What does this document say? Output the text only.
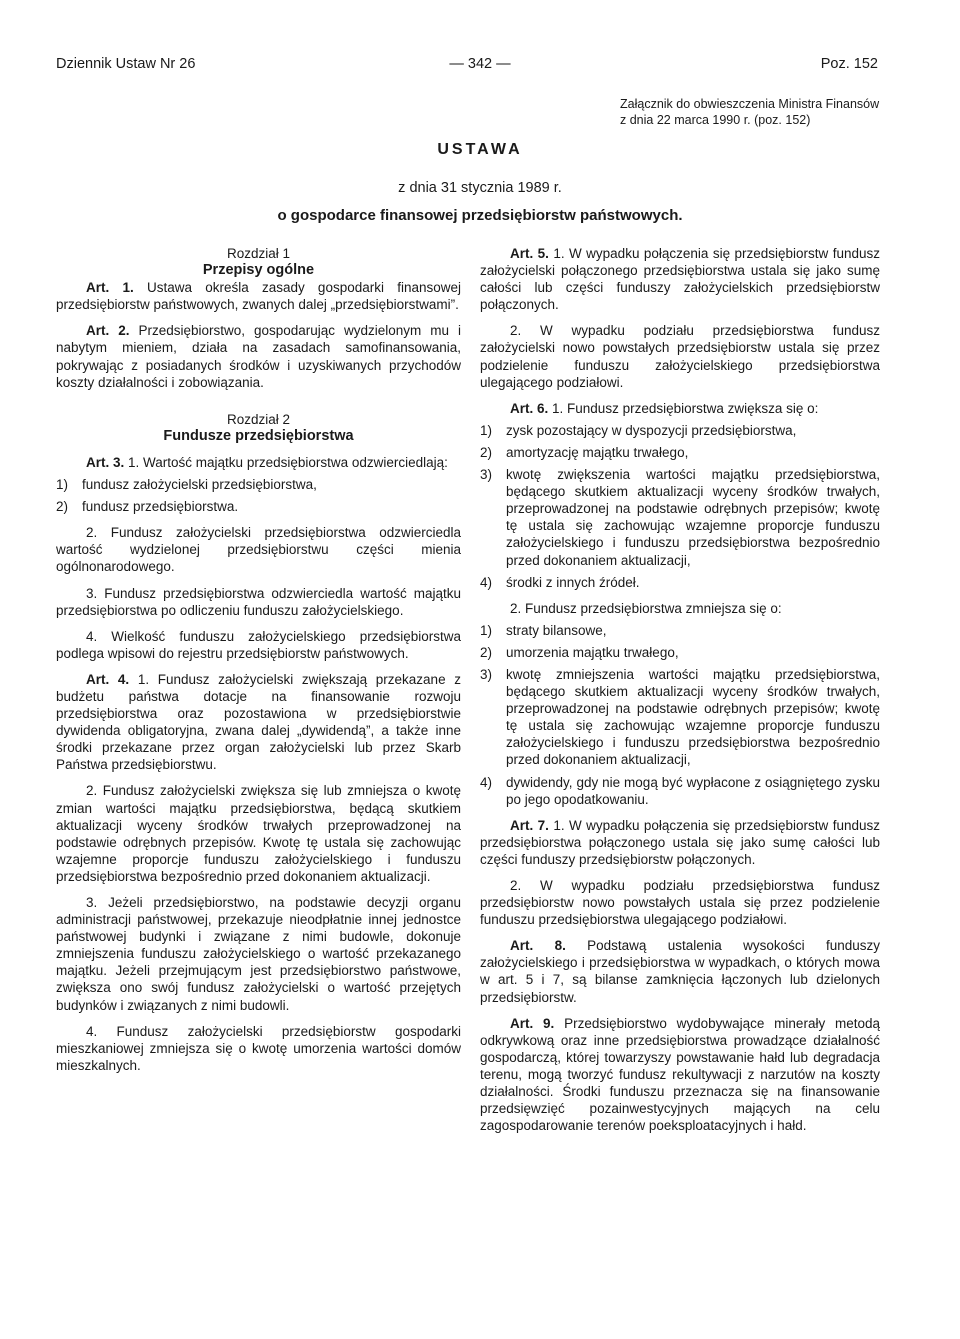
Dziennik Ustaw Nr 26	— 342 —	Poz. 152
Załącznik do obwieszczenia Ministra Finansów z dnia 22 marca 1990 r. (poz. 152)
USTAWA
z dnia 31 stycznia 1989 r.
o gospodarce finansowej przedsiębiorstw państwowych.

Rozdział 1

Przepisy ogólne

Art. 1. Ustawa określa zasady gospodarki finansowej przedsiębiorstw państwowych, zwanych dalej „przedsiębiorstwami”.

Art. 2. Przedsiębiorstwo, gospodarując wydzielonym mu i nabytym mieniem, działa na zasadach samofinansowania, pokrywając z posiadanych środków i uzyskiwanych przychodów koszty działalności i zobowiązania.

Rozdział 2

Fundusze przedsiębiorstwa

Art. 3. 1. Wartość majątku przedsiębiorstwa odzwierciedlają:

1)	fundusz założycielski przedsiębiorstwa,
2)	fundusz przedsiębiorstwa.

2. Fundusz założycielski przedsiębiorstwa odzwierciedla wartość wydzielonej przedsiębiorstwu części mienia ogólnonarodowego.

3. Fundusz przedsiębiorstwa odzwierciedla wartość majątku przedsiębiorstwa po odliczeniu funduszu założycielskiego.

4. Wielkość funduszu założycielskiego przedsiębiorstwa podlega wpisowi do rejestru przedsiębiorstw państwowych.

Art. 4. 1. Fundusz założycielski zwiększają przekazane z budżetu państwa dotacje na finansowanie rozwoju przedsiębiorstwa oraz pozostawiona w przedsiębiorstwie dywidenda obligatoryjna, zwana dalej „dywidendą”, a także inne środki przekazane przez organ założycielski lub przez Skarb Państwa przedsiębiorstwu.

2. Fundusz założycielski zwiększa się lub zmniejsza o kwotę zmian wartości majątku przedsiębiorstwa, będącą skutkiem aktualizacji wyceny środków trwałych przeprowadzonej na podstawie odrębnych przepisów. Kwotę tę ustala się zachowując wzajemne proporcje funduszu założycielskiego i funduszu przedsiębiorstwa bezpośrednio przed dokonaniem aktualizacji.

3. Jeżeli przedsiębiorstwo, na podstawie decyzji organu administracji państwowej, przekazuje nieodpłatnie innej jednostce państwowej budynki i związane z nimi budowle, dokonuje zmniejszenia funduszu założycielskiego o wartość przekazanego majątku. Jeżeli przejmującym jest przedsiębiorstwo państwowe, zwiększa ono swój fundusz założycielski o wartość przejętych budynków i związanych z nimi budowli.

4. Fundusz założycielski przedsiębiorstw gospodarki mieszkaniowej zmniejsza się o kwotę umorzenia wartości domów mieszkalnych.

Art. 5. 1. W wypadku połączenia się przedsiębiorstw fundusz założycielski połączonego przedsiębiorstwa ustala się jako sumę całości lub części funduszy założycielskich przedsiębiorstw połączonych.

2. W wypadku podziału przedsiębiorstwa fundusz założycielski nowo powstałych przedsiębiorstw ustala się przez podzielenie funduszu założycielskiego przedsiębiorstwa ulegającego podziałowi.

Art. 6. 1. Fundusz przedsiębiorstwa zwiększa się o:

1)	zysk pozostający w dyspozycji przedsiębiorstwa,
2)	amortyzację majątku trwałego,
3)	kwotę zwiększenia wartości majątku przedsiębiorstwa, będącego skutkiem aktualizacji wyceny środków trwałych, przeprowadzonej na podstawie odrębnych przepisów; kwotę tę ustala się zachowując wzajemne proporcje funduszu założycielskiego i funduszu przedsiębiorstwa bezpośrednio przed dokonaniem aktualizacji,
4)	środki z innych źródeł.

2. Fundusz przedsiębiorstwa zmniejsza się o:

1)	straty bilansowe,
2)	umorzenia majątku trwałego,
3)	kwotę zmniejszenia wartości majątku przedsiębiorstwa, będącego skutkiem aktualizacji wyceny środków trwałych, przeprowadzonej na podstawie odrębnych przepisów; kwotę tę ustala się zachowując wzajemne proporcje funduszu założycielskiego i funduszu przedsiębiorstwa bezpośrednio przed dokonaniem aktualizacji,
4)	dywidendy, gdy nie mogą być wypłacone z osiągniętego zysku po jego opodatkowaniu.

Art. 7. 1. W wypadku połączenia się przedsiębiorstw fundusz przedsiębiorstwa połączonego ustala się jako sumę całości lub części funduszy przedsiębiorstw połączonych.

2. W wypadku podziału przedsiębiorstwa fundusz przedsiębiorstw nowo powstałych ustala się przez podzielenie funduszu przedsiębiorstwa ulegającego podziałowi.

Art. 8. Podstawą ustalenia wysokości funduszy założycielskiego i przedsiębiorstwa w wypadkach, o których mowa w art. 5 i 7, są bilanse zamknięcia łączonych lub dzielonych przedsiębiorstw.

Art. 9. Przedsiębiorstwo wydobywające minerały metodą odkrywkową oraz inne przedsiębiorstwa prowadzące działalność gospodarczą, której towarzyszy powstawanie hałd lub degradacja terenu, mogą tworzyć fundusz rekultywacji z narzutów na koszty działalności. Środki funduszu przeznacza się na finansowanie przedsięwzięć pozainwestycyjnych mających na celu zagospodarowanie terenów poeksploatacyjnych i hałd.
